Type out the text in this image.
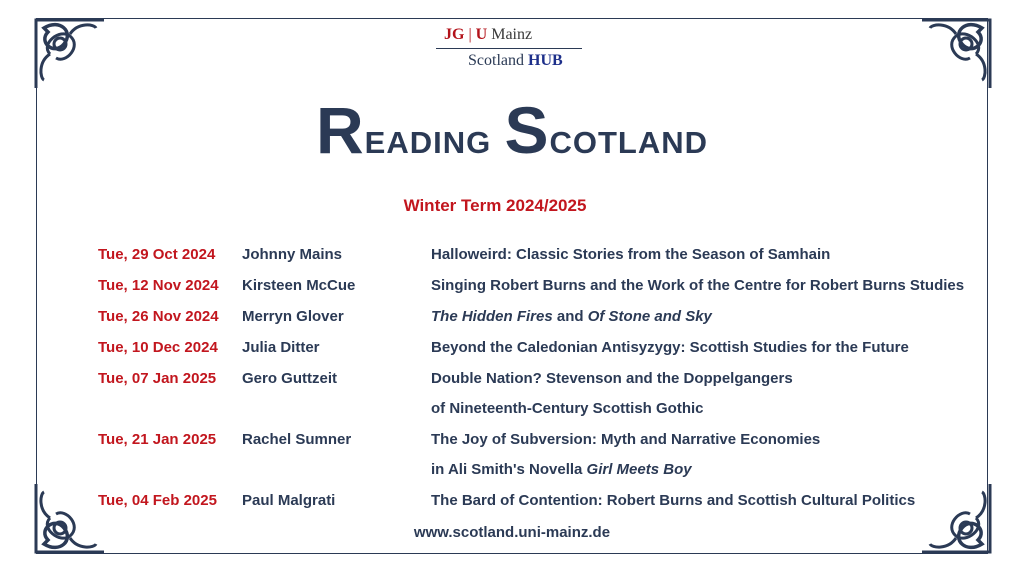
JG | U Mainz
Scotland HUB
Reading Scotland
Winter Term 2024/2025
Tue, 29 Oct 2024 Johnny Mains	Halloweird: Classic Stories from the Season of Samhain
Tue, 12 Nov 2024 Kirsteen McCue	Singing Robert Burns and the Work of the Centre for Robert Burns Studies
Tue, 26 Nov 2024 Merryn Glover	The Hidden Fires and Of Stone and Sky
Tue, 10 Dec 2024 Julia Ditter	Beyond the Caledonian Antisyzygy: Scottish Studies for the Future
Tue, 07 Jan 2025 Gero Guttzeit	Double Nation? Stevenson and the Doppelgangers
of Nineteenth-Century Scottish Gothic
Tue, 21 Jan 2025 Rachel Sumner	The Joy of Subversion: Myth and Narrative Economies
in Ali Smith's Novella Girl Meets Boy
Tue, 04 Feb 2025 Paul Malgrati	The Bard of Contention: Robert Burns and Scottish Cultural Politics
www.scotland.uni-mainz.de
